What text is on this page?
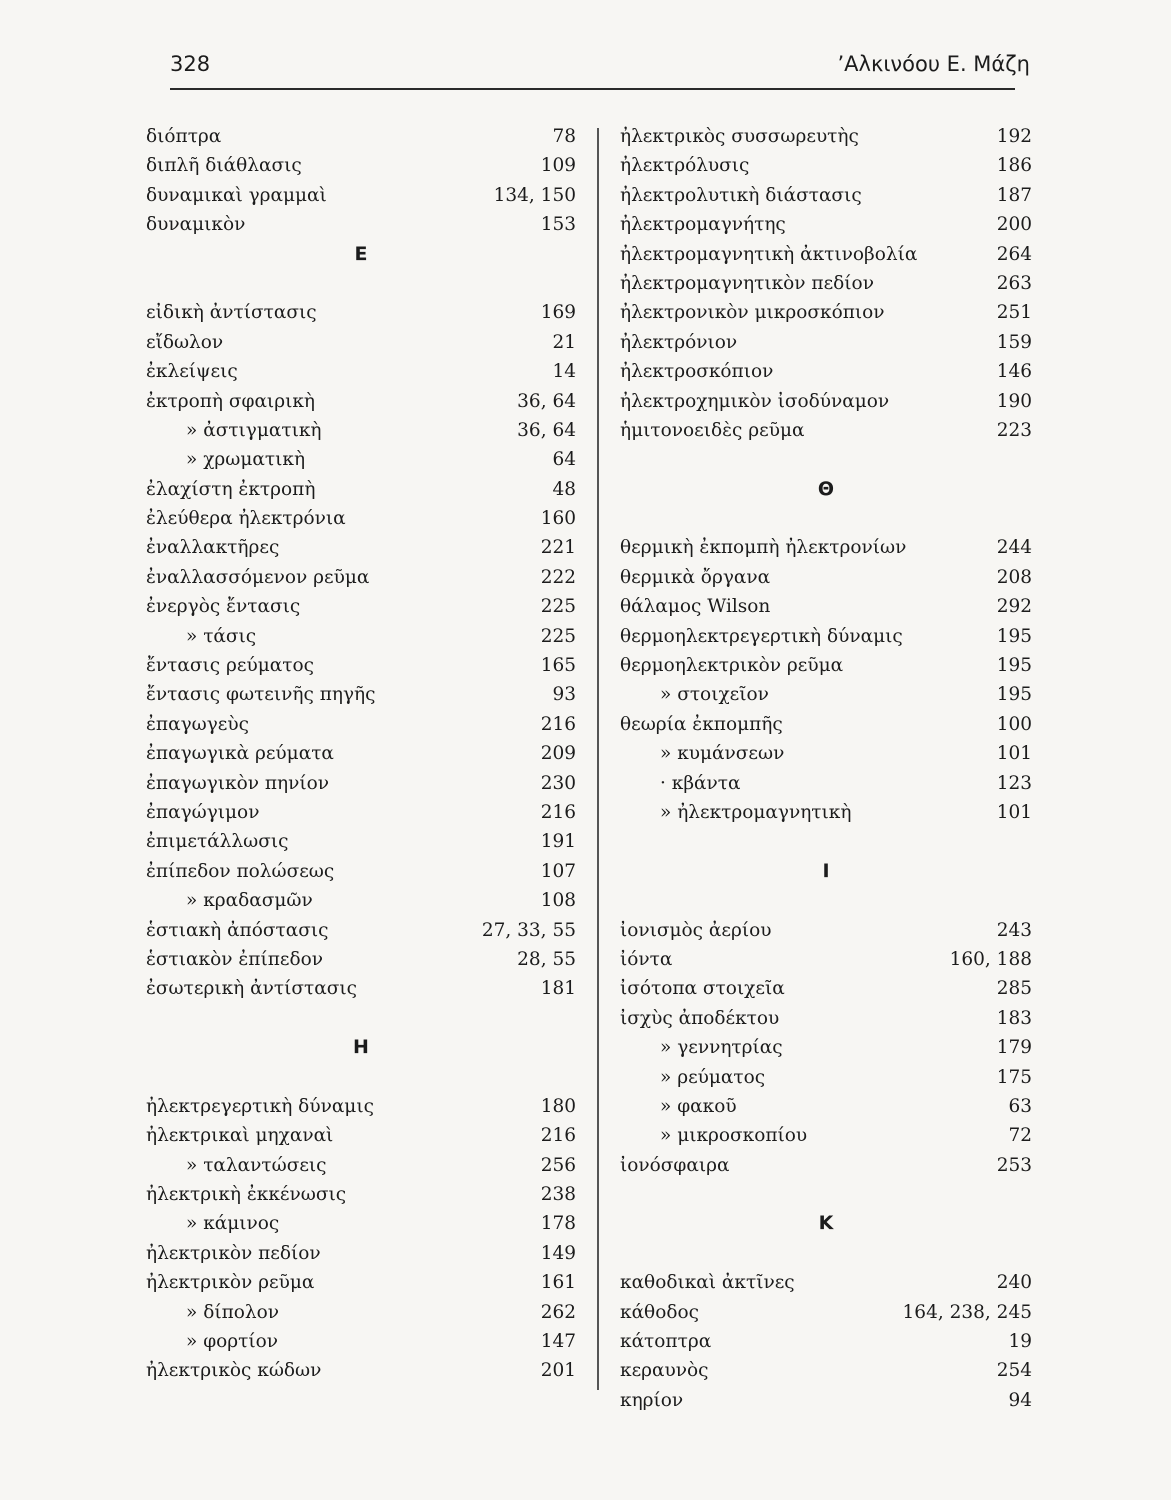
328	’Αλκινόου Ε. Μάζη
διόπτρα	78
διπλῆ διάθλασις	109
δυναμικαὶ γραμμαὶ	134, 150
δυναμικὸν	153
Ε
εἰδικὴ ἀντίστασις	169
εἴδωλον	21
ἐκλείψεις	14
ἐκτροπὴ σφαιρικὴ	36, 64
» ἀστιγματικὴ	36, 64
» χρωματικὴ	64
ἐλαχίστη ἐκτροπὴ	48
ἐλεύθερα ἠλεκτρόνια	160
ἐναλλακτῆρες	221
ἐναλλασσόμενον ρεῦμα	222
ἐνεργὸς ἔντασις	225
» τάσις	225
ἔντασις ρεύματος	165
ἔντασις φωτεινῆς πηγῆς	93
ἐπαγωγεὺς	216
ἐπαγωγικὰ ρεύματα	209
ἐπαγωγικὸν πηνίον	230
ἐπαγώγιμον	216
ἐπιμετάλλωσις	191
ἐπίπεδον πολώσεως	107
» κραδασμῶν	108
ἑστιακὴ ἀπόστασις	27, 33, 55
ἑστιακὸν ἐπίπεδον	28, 55
ἐσωτερικὴ ἀντίστασις	181
Η
ἠλεκτρεγερτικὴ δύναμις	180
ἠλεκτρικαὶ μηχαναὶ	216
» ταλαντώσεις	256
ἠλεκτρικὴ ἐκκένωσις	238
» κάμινος	178
ἠλεκτρικὸν πεδίον	149
ἠλεκτρικὸν ρεῦμα	161
» δίπολον	262
» φορτίον	147
ἠλεκτρικὸς κώδων	201
ἠλεκτρικὸς συσσωρευτὴς	192
ἠλεκτρόλυσις	186
ἠλεκτρολυτικὴ διάστασις	187
ἠλεκτρομαγνήτης	200
ἠλεκτρομαγνητικὴ ἀκτινοβολία	264
ἠλεκτρομαγνητικὸν πεδίον	263
ἠλεκτρονικὸν μικροσκόπιον	251
ἠλεκτρόνιον	159
ἠλεκτροσκόπιον	146
ἠλεκτροχημικὸν ἰσοδύναμον	190
ἡμιτονοειδὲς ρεῦμα	223
Θ
θερμικὴ ἐκπομπὴ ἠλεκτρονίων	244
θερμικὰ ὄργανα	208
θάλαμος Wilson	292
θερμοηλεκτρεγερτικὴ δύναμις	195
θερμοηλεκτρικὸν ρεῦμα	195
» στοιχεῖον	195
θεωρία ἐκπομπῆς	100
» κυμάνσεων	101
· κβάντα	123
» ἠλεκτρομαγνητικὴ	101
Ι
ἰονισμὸς ἀερίου	243
ἰόντα	160, 188
ἰσότοπα στοιχεῖα	285
ἰσχὺς ἀποδέκτου	183
» γεννητρίας	179
» ρεύματος	175
» φακοῦ	63
» μικροσκοπίου	72
ἰονόσφαιρα	253
Κ
καθοδικαὶ ἀκτῖνες	240
κάθοδος	164, 238, 245
κάτοπτρα	19
κεραυνὸς	254
κηρίον	94
